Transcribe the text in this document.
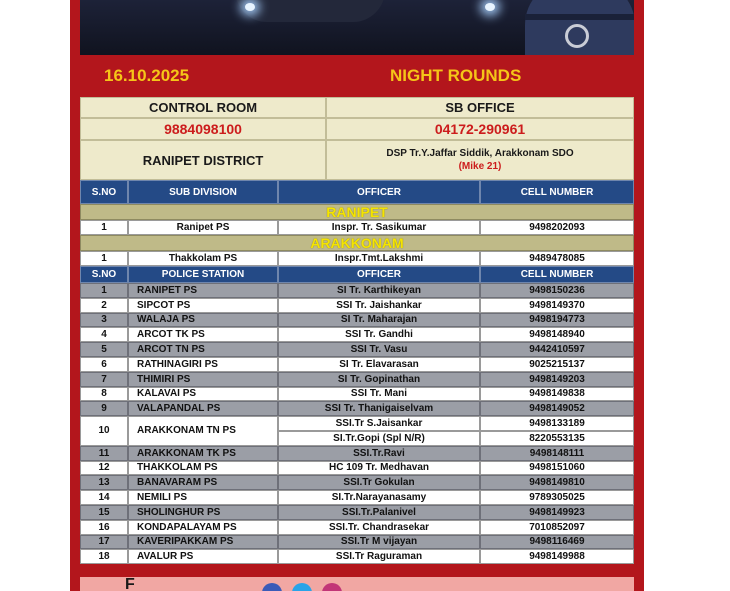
16.10.2025	NIGHT ROUNDS
CONTROL ROOM	SB OFFICE
9884098100	04172-290961
RANIPET DISTRICT	DSP Tr.Y.Jaffar Siddik, Arakkonam SDO
(Mike 21)
S.NO	SUB DIVISION	OFFICER	CELL NUMBER
RANIPET
1	Ranipet PS	Inspr. Tr. Sasikumar	9498202093
ARAKKONAM
1	Thakkolam PS	Inspr.Tmt.Lakshmi	9489478085
S.NO	POLICE STATION	OFFICER	CELL NUMBER
1	RANIPET PS	SI Tr. Karthikeyan	9498150236
2	SIPCOT PS	SSI Tr. Jaishankar	9498149370
3	WALAJA PS	SI Tr. Maharajan	9498194773
4	ARCOT TK PS	SSI Tr. Gandhi	9498148940
5	ARCOT TN PS	SSI Tr. Vasu	9442410597
6	RATHINAGIRI PS	SI Tr. Elavarasan	9025215137
7	THIMIRI PS	SI Tr. Gopinathan	9498149203
8	KALAVAI PS	SSI Tr. Mani	9498149838
9	VALAPANDAL PS	SSI Tr. Thanigaiselvam	9498149052
10	ARAKKONAM TN PS
SSI.Tr S.Jaisankar	9498133189
SI.Tr.Gopi (Spl N/R)	8220553135
11	ARAKKONAM TK PS	SSI.Tr.Ravi	9498148111
12	THAKKOLAM PS	HC 109 Tr. Medhavan	9498151060
13	BANAVARAM PS	SSI.Tr Gokulan	9498149810
14	NEMILI PS	SI.Tr.Narayanasamy	9789305025
15	SHOLINGHUR PS	SSI.Tr.Palanivel	9498149923
16	KONDAPALAYAM PS	SSI.Tr. Chandrasekar	7010852097
17	KAVERIPAKKAM PS	SSI.Tr M vijayan	9498116469
18	AVALUR PS	SSI.Tr Raguraman	9498149988
F
